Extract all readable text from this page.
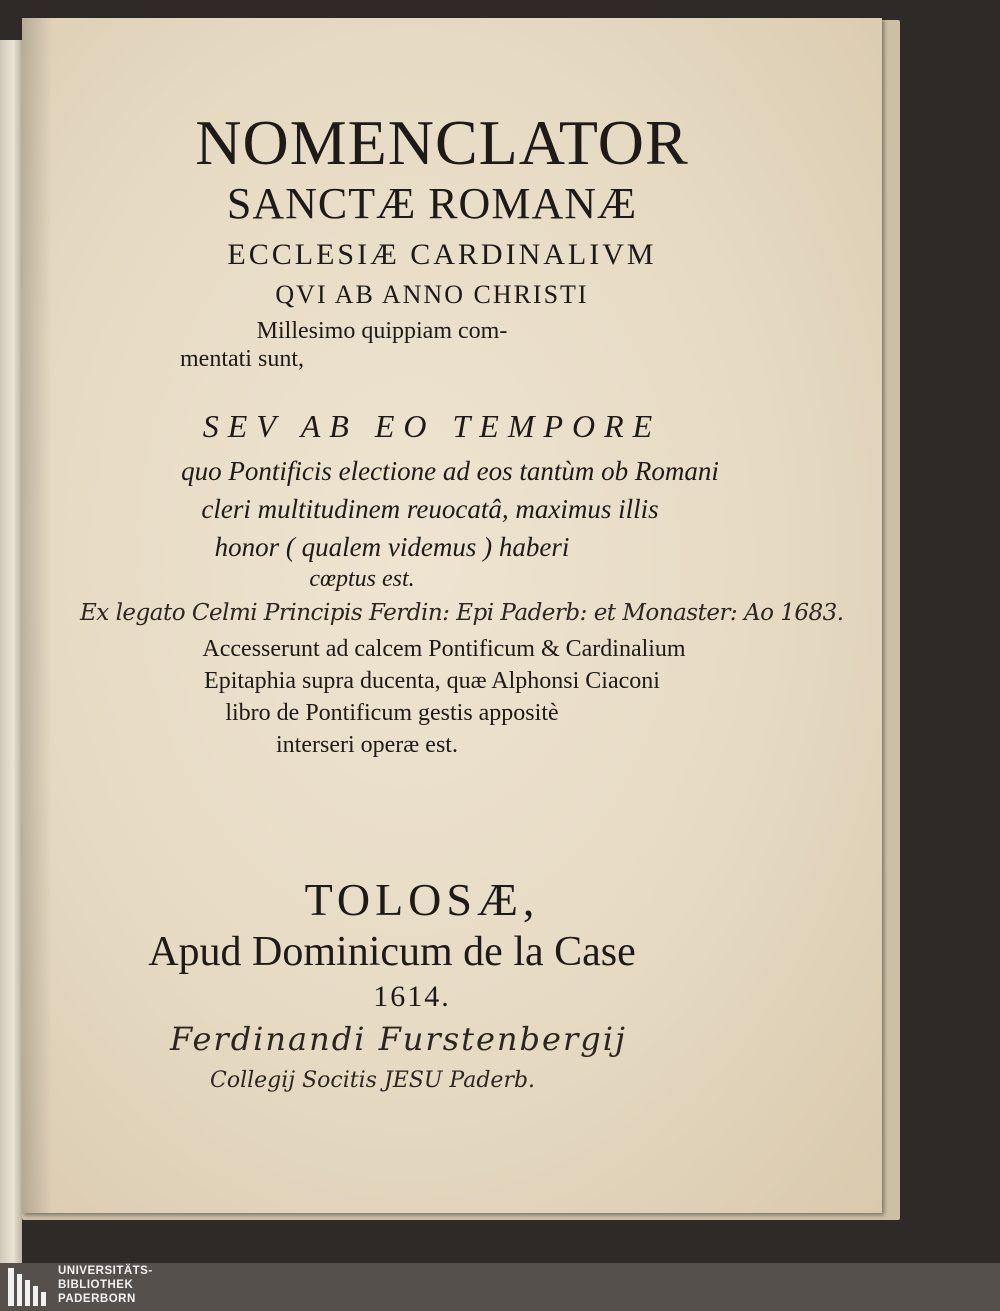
NOMENCLATOR
SANCTÆ ROMANÆ
ECCLESIÆ CARDINALIVM
QVI AB ANNO CHRISTI
Millesimo quippiam com-
mentati sunt,
SEV AB EO TEMPORE
quo Pontificis electione ad eos tantùm ob Romani
cleri multitudinem reuocatâ, maximus illis
honor ( qualem videmus ) haberi
cœptus est.
Accesserunt ad calcem Pontificum & Cardinalium
Epitaphia supra ducenta, quæ Alphonsi Ciaconi
libro de Pontificum gestis appositè
interseri operæ est.
TOLOSÆ,
Apud Dominicum de la Case
1614.
Ex legato Celmi Principis Ferdin: Epi Paderb: et Monaster: Ao 1683.
Ferdinandi Furstenbergij
Collegij Socitis JESU Paderb.
UNIVERSITÄTS-
BIBLIOTHEK
PADERBORN
